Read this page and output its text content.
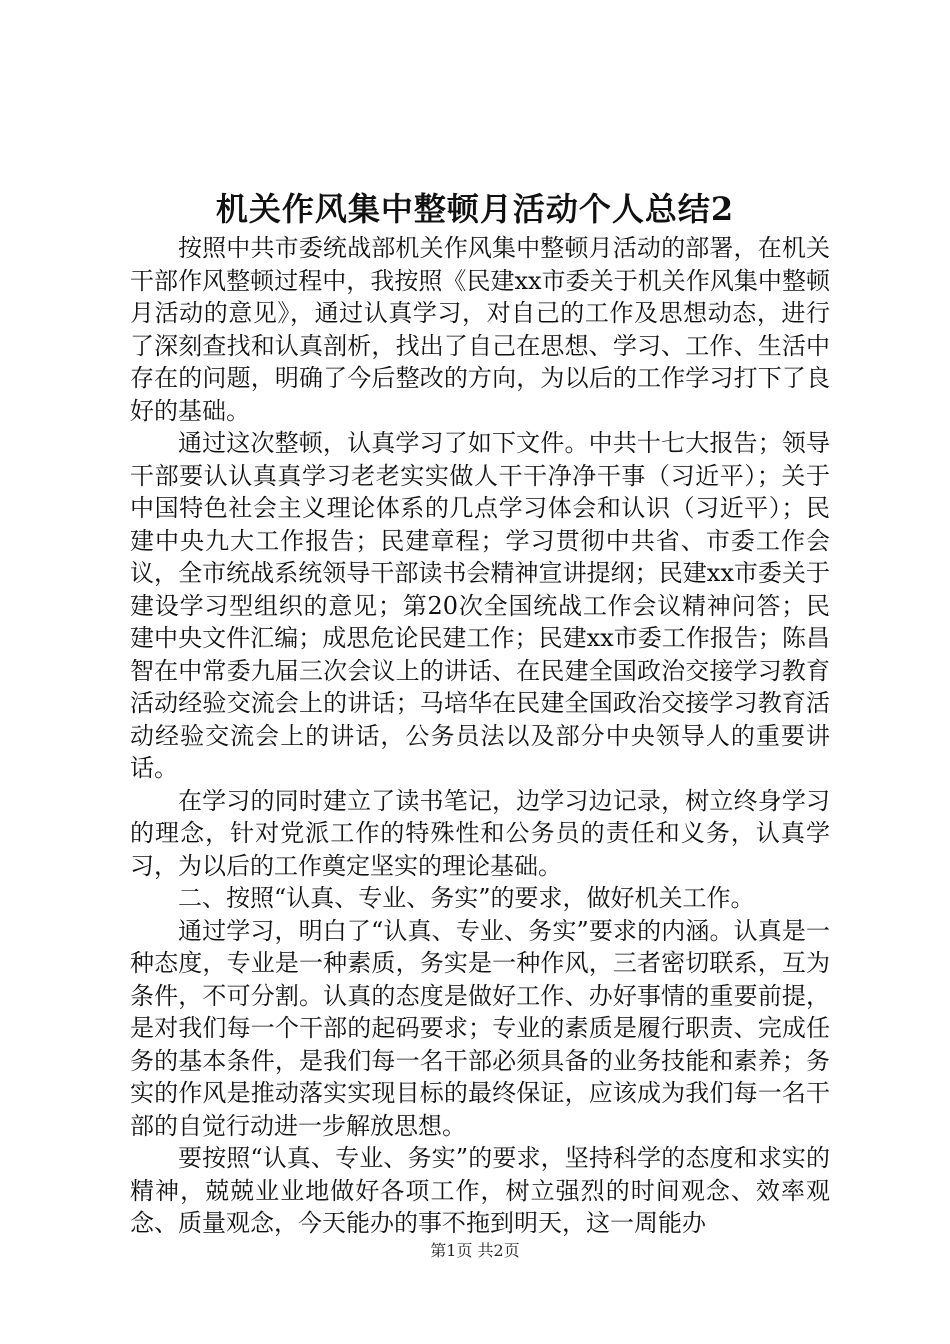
机关作风集中整顿月活动个人总结2

按照中共市委统战部机关作风集中整顿月活动的部署，在机关干部作风整顿过程中，我按照《民建xx市委关于机关作风集中整顿月活动的意见》，通过认真学习，对自己的工作及思想动态，进行了深刻查找和认真剖析，找出了自己在思想、学习、工作、生活中存在的问题，明确了今后整改的方向，为以后的工作学习打下了良好的基础。

通过这次整顿，认真学习了如下文件。中共十七大报告；领导干部要认认真真学习老老实实做人干干净净干事（习近平）；关于中国特色社会主义理论体系的几点学习体会和认识（习近平）；民建中央九大工作报告；民建章程；学习贯彻中共省、市委工作会议，全市统战系统领导干部读书会精神宣讲提纲；民建xx市委关于建设学习型组织的意见；第20次全国统战工作会议精神问答；民建中央文件汇编；成思危论民建工作；民建xx市委工作报告；陈昌智在中常委九届三次会议上的讲话、在民建全国政治交接学习教育活动经验交流会上的讲话；马培华在民建全国政治交接学习教育活动经验交流会上的讲话，公务员法以及部分中央领导人的重要讲话。

在学习的同时建立了读书笔记，边学习边记录，树立终身学习的理念，针对党派工作的特殊性和公务员的责任和义务，认真学习，为以后的工作奠定坚实的理论基础。

二、按照“认真、专业、务实”的要求，做好机关工作。

通过学习，明白了“认真、专业、务实”要求的内涵。认真是一种态度，专业是一种素质，务实是一种作风，三者密切联系，互为条件，不可分割。认真的态度是做好工作、办好事情的重要前提，是对我们每一个干部的起码要求；专业的素质是履行职责、完成任务的基本条件，是我们每一名干部必须具备的业务技能和素养；务实的作风是推动落实实现目标的最终保证，应该成为我们每一名干部的自觉行动进一步解放思想。

要按照“认真、专业、务实”的要求，坚持科学的态度和求实的精神，兢兢业业地做好各项工作，树立强烈的时间观念、效率观念、质量观念，今天能办的事不拖到明天，这一周能办

第1页 共2页
